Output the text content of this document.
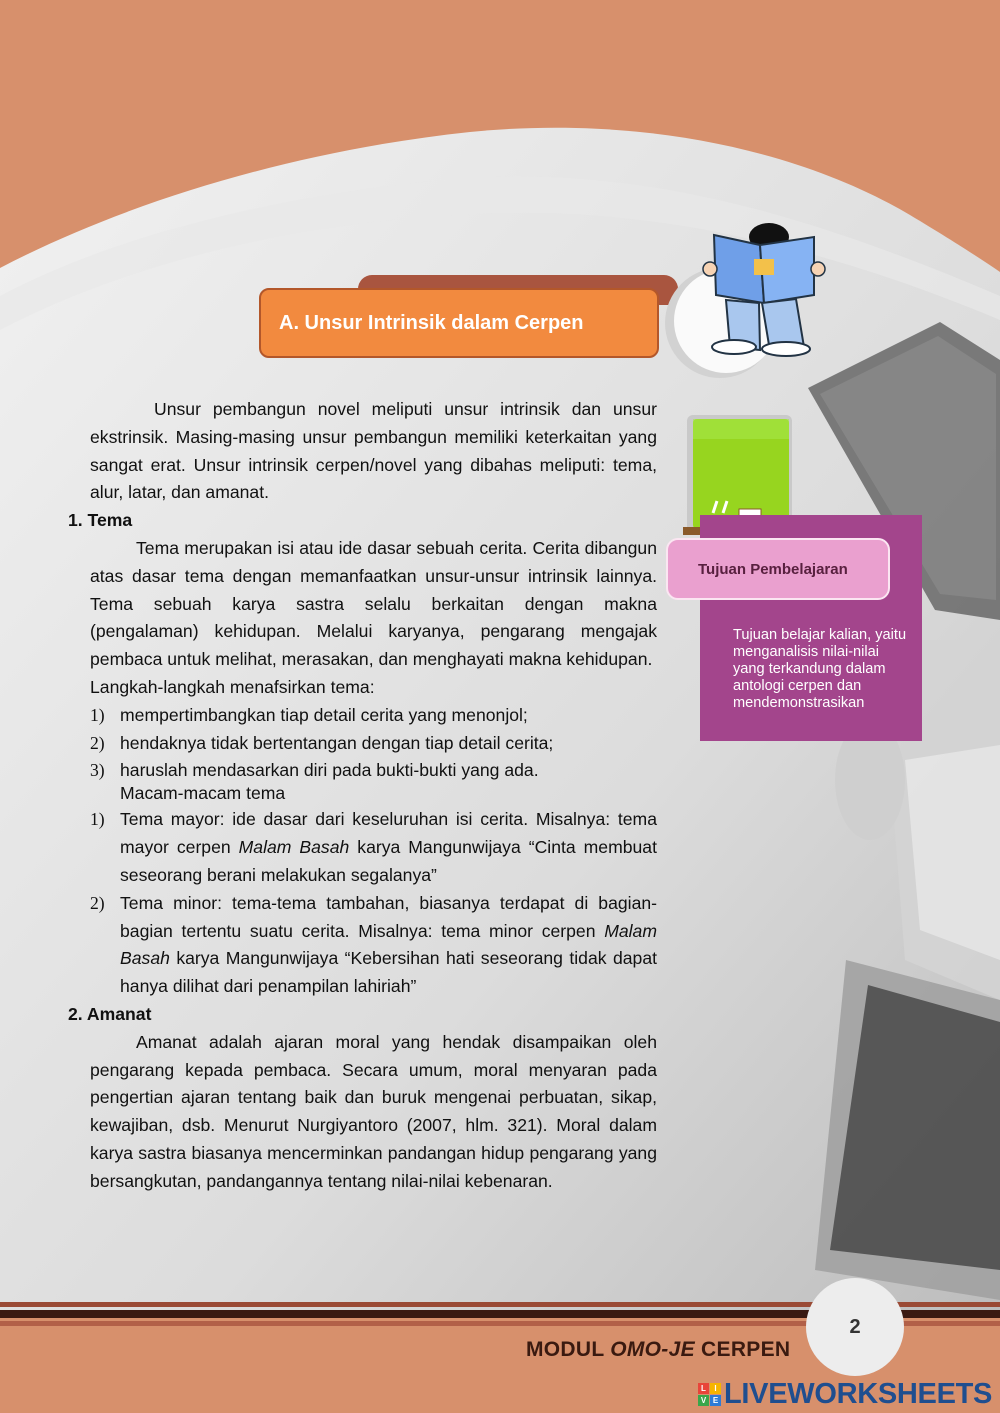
A. Unsur Intrinsik dalam Cerpen

Unsur pembangun novel meliputi unsur intrinsik dan unsur ekstrinsik. Masing-masing unsur pembangun memiliki keterkaitan yang sangat erat. Unsur intrinsik cerpen/novel yang dibahas meliputi: tema, alur, latar, dan amanat.

1. Tema

Tema merupakan isi atau ide dasar sebuah cerita. Cerita dibangun atas dasar tema dengan memanfaatkan unsur-unsur intrinsik lainnya. Tema sebuah karya sastra selalu berkaitan dengan makna (pengalaman) kehidupan. Melalui karyanya, pengarang mengajak pembaca untuk melihat, merasakan, dan menghayati makna kehidupan.

Langkah-langkah menafsirkan tema:

1) mempertimbangkan tiap detail cerita yang menonjol;
2) hendaknya tidak bertentangan dengan tiap detail cerita;
3) haruslah mendasarkan diri pada bukti-bukti yang ada.
Macam-macam tema
1) Tema mayor: ide dasar dari keseluruhan isi cerita. Misalnya: tema mayor cerpen Malam Basah karya Mangunwijaya “Cinta membuat seseorang berani melakukan segalanya”
2) Tema minor: tema-tema tambahan, biasanya terdapat di bagian-bagian tertentu suatu cerita. Misalnya: tema minor cerpen Malam Basah karya Mangunwijaya “Kebersihan hati seseorang tidak dapat hanya dilihat dari penampilan lahiriah”

2. Amanat

Amanat adalah ajaran moral yang hendak disampaikan oleh pengarang kepada pembaca. Secara umum, moral menyaran pada pengertian ajaran tentang baik dan buruk mengenai perbuatan, sikap, kewajiban, dsb. Menurut Nurgiyantoro (2007, hlm. 321). Moral dalam karya sastra biasanya mencerminkan pandangan hidup pengarang yang bersangkutan, pandangannya tentang nilai-nilai kebenaran.

Tujuan Pembelajaran
Tujuan belajar kalian, yaitu menganalisis nilai-nilai yang terkandung dalam antologi cerpen dan mendemonstrasikan
MODUL OMO-JE CERPEN
2
L	I
V E LIVEWORKSHEETS
